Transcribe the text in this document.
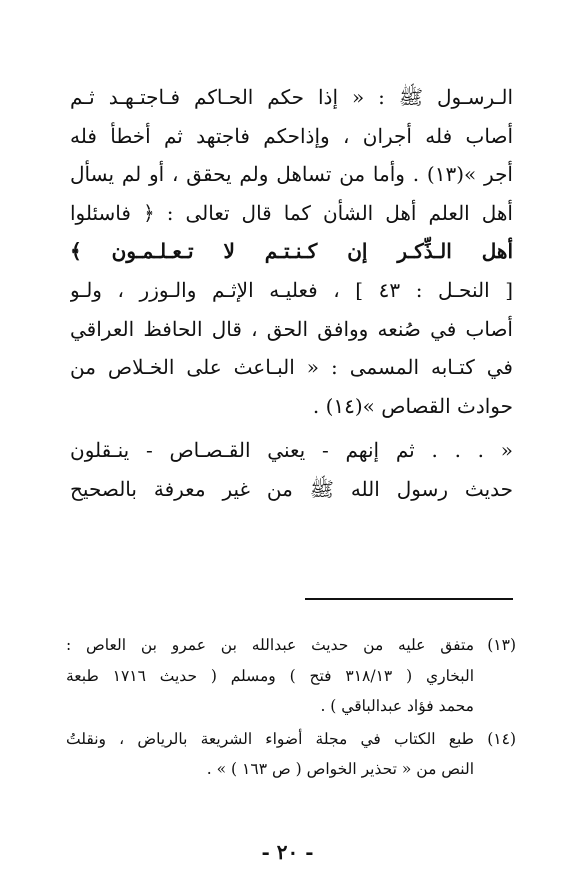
الـرسـول ﷺ : « إذا حكم الحـاكم فـاجتـهـد ثـم
أصاب فله أجران ، وإذاحكم فاجتهد ثم أخطأ فله
أجر »(١٣) . وأما من تساهل ولم يحقق ، أو لم يسأل
أهل العلم أهل الشأن كما قال تعالى : ﴿ فاسئلوا
أهل الـذِّكـر إن كـنـتـم لا تـعـلـمـون ﴾
[ النحـل : ٤٣ ] ، فعليـه الإثـم والـوزر ، ولـو
أصاب في صُنعه ووافق الحق ، قال الحافظ العراقي
في كتـابه المسمى : « البـاعث على الخـلاص من
حوادث القصاص »(١٤) .
« . . . ثم إنهم - يعني القـصـاص - ينـقلون
حديث رسول الله ﷺ من غير معرفة بالصحيح
(١٣)
متفق عليه من حديث عبدالله بن عمرو بن العاص :
البخاري ( ٣١٨/١٣ فتح ) ومسلم ( حديث ١٧١٦ طبعة
محمد فؤاد عبدالباقي ) .
(١٤)
طبع الكتاب في مجلة أضواء الشريعة بالرياض ، ونقلتُ
النص من « تحذير الخواص ( ص ١٦٣ ) » .
- ٢٠ -
